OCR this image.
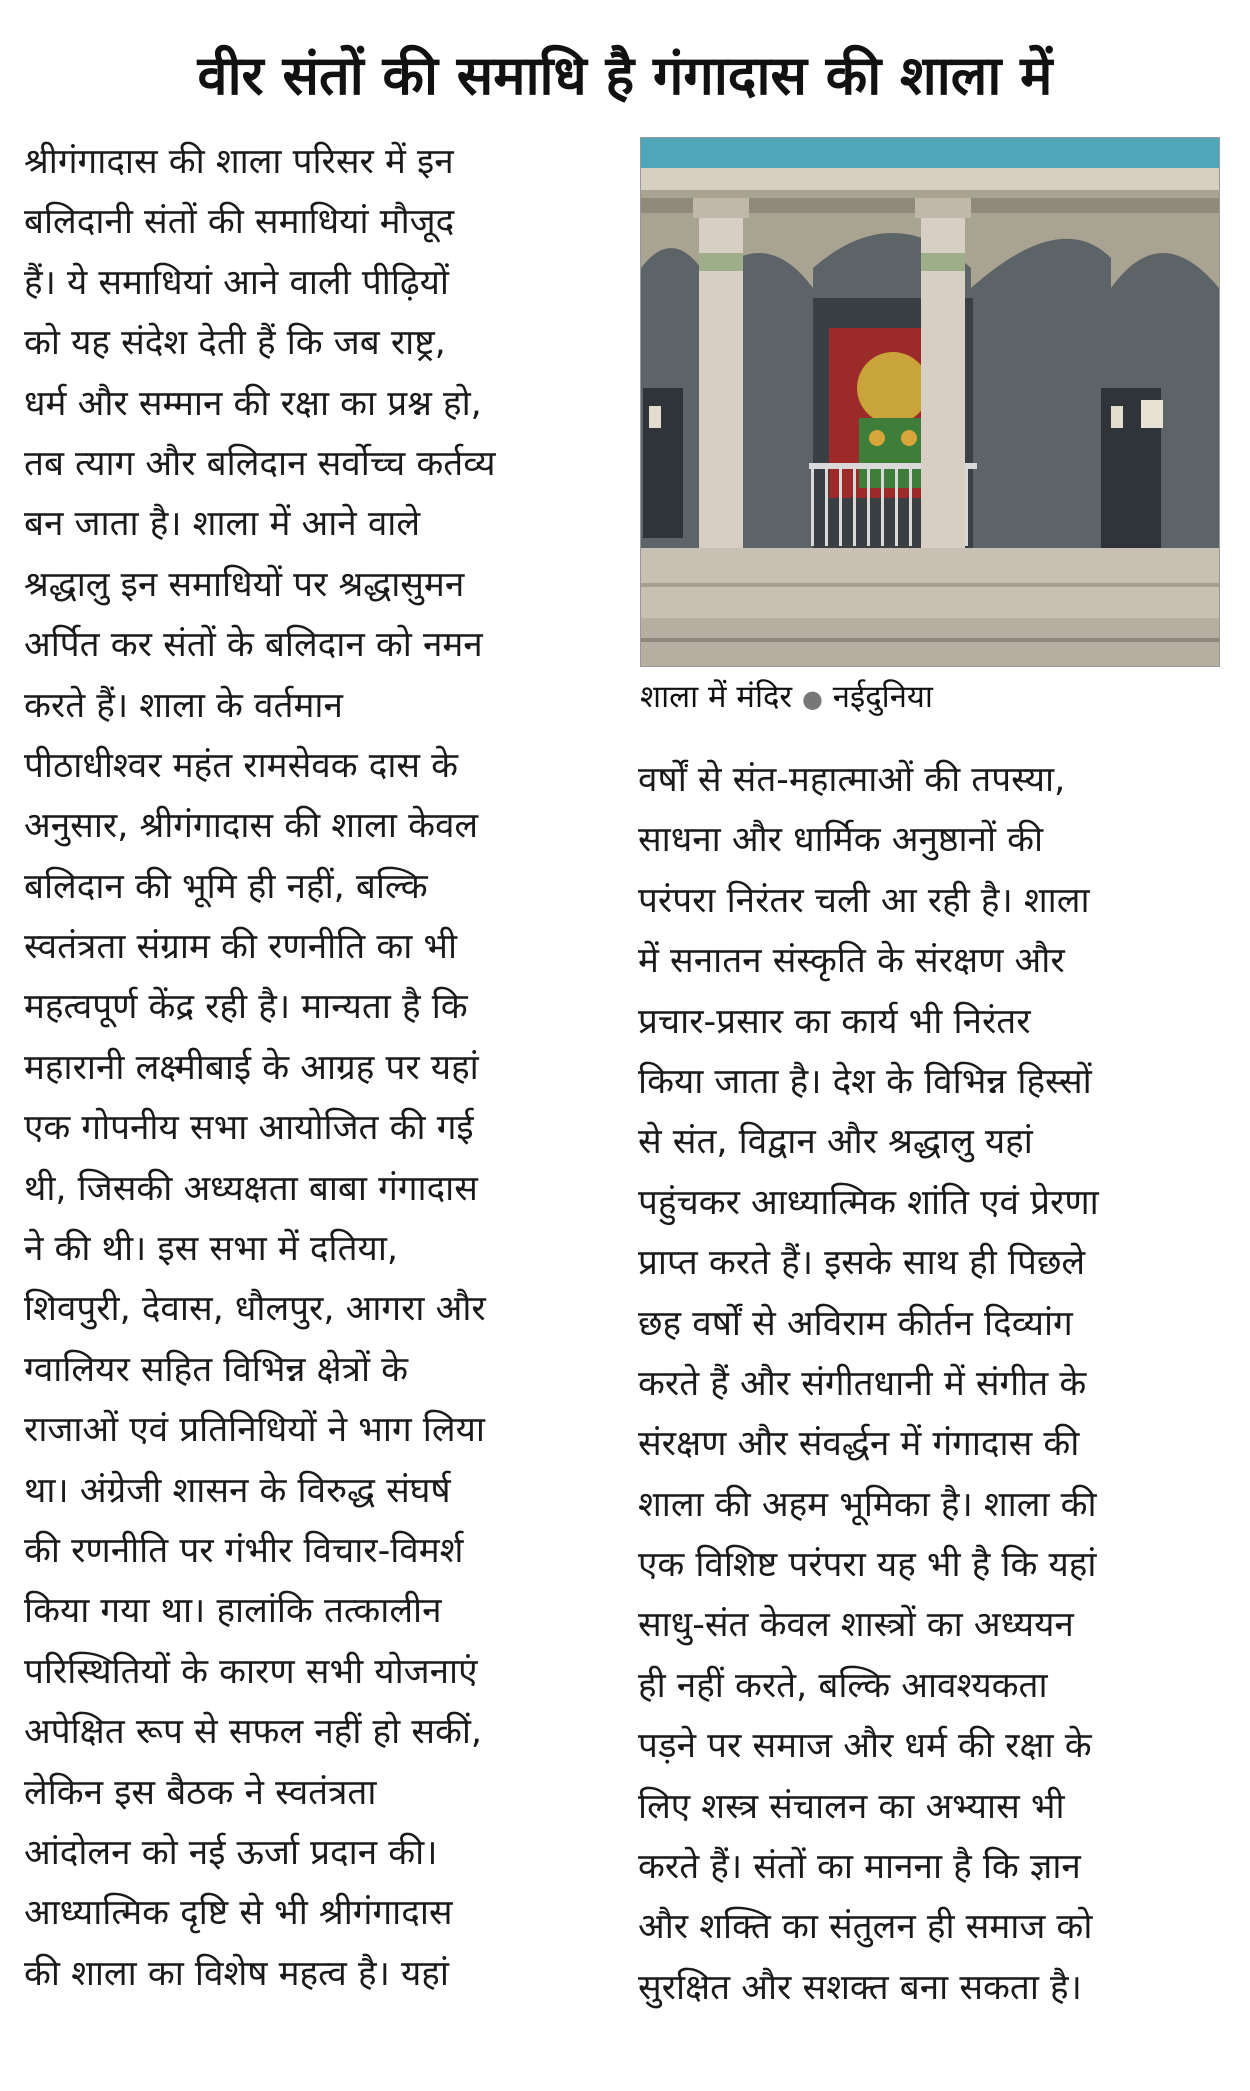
वीर संतों की समाधि है गंगादास की शाला में

श्रीगंगादास की शाला परिसर में इन

बलिदानी संतों की समाधियां मौजूद

हैं। ये समाधियां आने वाली पीढ़ियों

को यह संदेश देती हैं कि जब राष्ट्र,

धर्म और सम्मान की रक्षा का प्रश्न हो,

तब त्याग और बलिदान सर्वोच्च कर्तव्य

बन जाता है। शाला में आने वाले

श्रद्धालु इन समाधियों पर श्रद्धासुमन

अर्पित कर संतों के बलिदान को नमन

करते हैं। शाला के वर्तमान

पीठाधीश्वर महंत रामसेवक दास के

अनुसार, श्रीगंगादास की शाला केवल

बलिदान की भूमि ही नहीं, बल्कि

स्वतंत्रता संग्राम की रणनीति का भी

महत्वपूर्ण केंद्र रही है। मान्यता है कि

महारानी लक्ष्मीबाई के आग्रह पर यहां

एक गोपनीय सभा आयोजित की गई

थी, जिसकी अध्यक्षता बाबा गंगादास

ने की थी। इस सभा में दतिया,

शिवपुरी, देवास, धौलपुर, आगरा और

ग्वालियर सहित विभिन्न क्षेत्रों के

राजाओं एवं प्रतिनिधियों ने भाग लिया

था। अंग्रेजी शासन के विरुद्ध संघर्ष

की रणनीति पर गंभीर विचार-विमर्श

किया गया था। हालांकि तत्कालीन

परिस्थितियों के कारण सभी योजनाएं

अपेक्षित रूप से सफल नहीं हो सकीं,

लेकिन इस बैठक ने स्वतंत्रता

आंदोलन को नई ऊर्जा प्रदान की।

आध्यात्मिक दृष्टि से भी श्रीगंगादास

की शाला का विशेष महत्व है। यहां

शाला में मंदिर ● नईदुनिया

वर्षों से संत-महात्माओं की तपस्या,

साधना और धार्मिक अनुष्ठानों की

परंपरा निरंतर चली आ रही है। शाला

में सनातन संस्कृति के संरक्षण और

प्रचार-प्रसार का कार्य भी निरंतर

किया जाता है। देश के विभिन्न हिस्सों

से संत, विद्वान और श्रद्धालु यहां

पहुंचकर आध्यात्मिक शांति एवं प्रेरणा

प्राप्त करते हैं। इसके साथ ही पिछले

छह वर्षों से अविराम कीर्तन दिव्यांग

करते हैं और संगीतधानी में संगीत के

संरक्षण और संवर्द्धन में गंगादास की

शाला की अहम भूमिका है। शाला की

एक विशिष्ट परंपरा यह भी है कि यहां

साधु-संत केवल शास्त्रों का अध्ययन

ही नहीं करते, बल्कि आवश्यकता

पड़ने पर समाज और धर्म की रक्षा के

लिए शस्त्र संचालन का अभ्यास भी

करते हैं। संतों का मानना है कि ज्ञान

और शक्ति का संतुलन ही समाज को

सुरक्षित और सशक्त बना सकता है।
